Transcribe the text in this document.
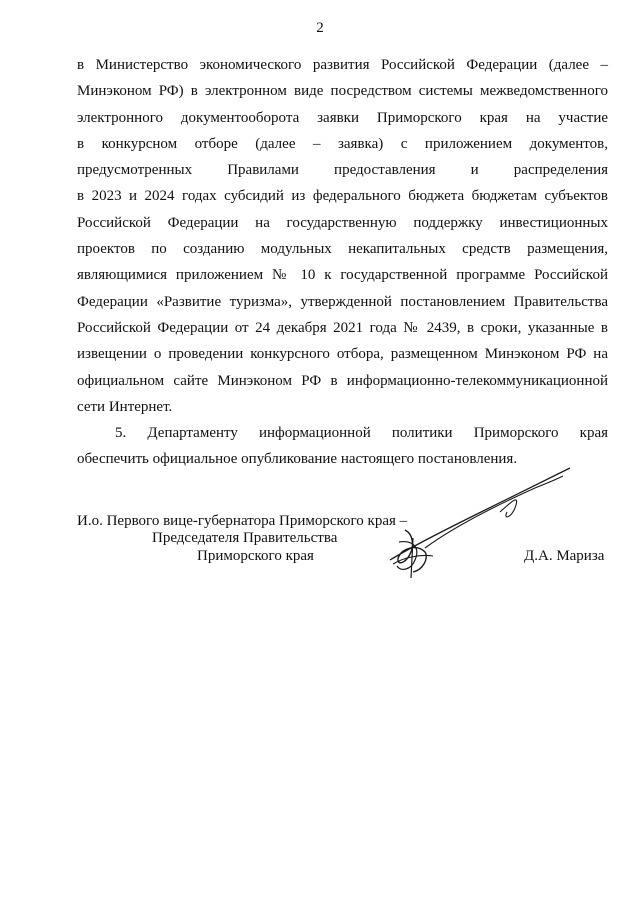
2
в Министерство экономического развития Российской Федерации (далее –
Минэконом РФ) в электронном виде посредством системы межведомственного
электронного документооборота заявки Приморского края на участие
в конкурсном отборе (далее – заявка) с приложением документов,
предусмотренных Правилами предоставления и распределения
в 2023 и 2024 годах субсидий из федерального бюджета бюджетам субъектов
Российской Федерации на государственную поддержку инвестиционных
проектов по созданию модульных некапитальных средств размещения,
являющимися приложением № 10 к государственной программе Российской
Федерации «Развитие туризма», утвержденной постановлением Правительства
Российской Федерации от 24 декабря 2021 года № 2439, в сроки, указанные в
извещении о проведении конкурсного отбора, размещенном Минэконом РФ на
официальном сайте Минэконом РФ в информационно-телекоммуникационной
сети Интернет.
5. Департаменту информационной политики Приморского края
обеспечить официальное опубликование настоящего постановления.
И.о. Первого вице-губернатора Приморского края –
Председателя Правительства
Приморского края	Д.А. Мариза
